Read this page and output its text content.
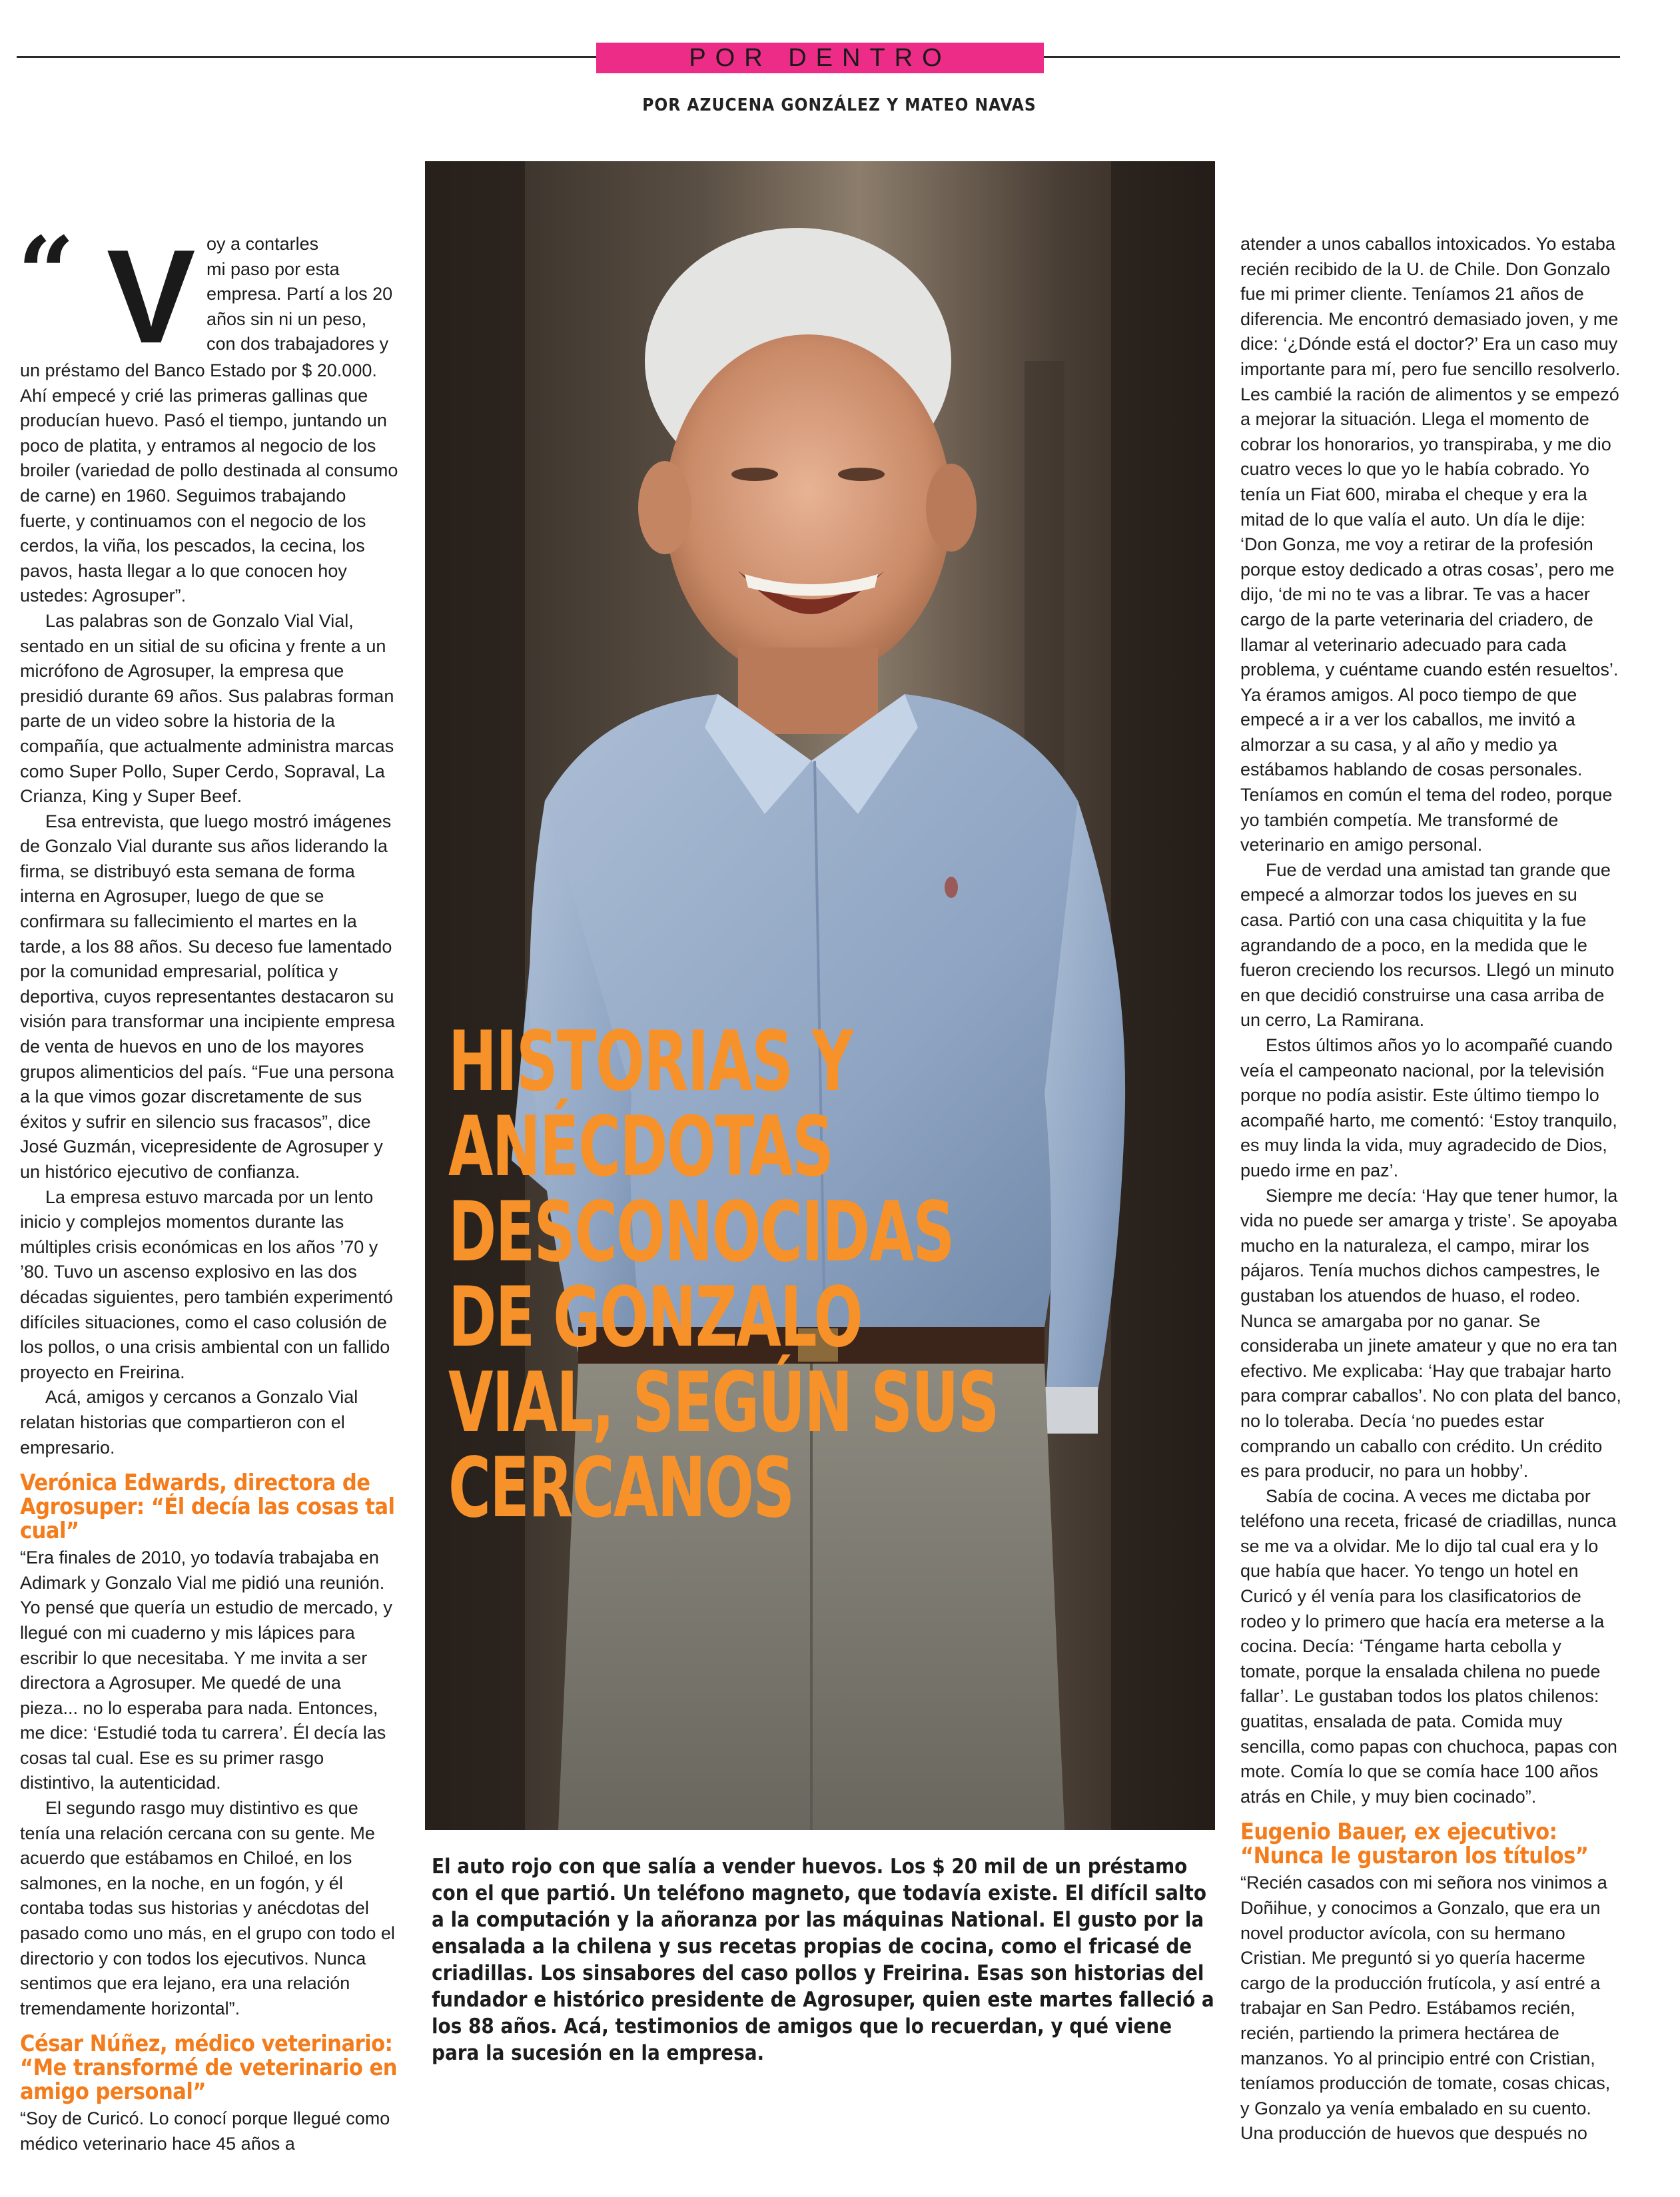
POR DENTRO
POR AZUCENA GONZÁLEZ Y MATEO NAVAS
“ V oy a contarles
mi paso por esta
empresa. Partí a los 20
años sin ni un peso,
con dos trabajadores y

un préstamo del Banco Estado por $ 20.000. Ahí empecé y crié las primeras gallinas que producían huevo. Pasó el tiempo, juntando un poco de platita, y entramos al negocio de los broiler (variedad de pollo destinada al consumo de carne) en 1960. Seguimos trabajando fuerte, y continuamos con el negocio de los cerdos, la viña, los pescados, la cecina, los pavos, hasta llegar a lo que conocen hoy ustedes: Agrosuper”.

Las palabras son de Gonzalo Vial Vial, sentado en un sitial de su oficina y frente a un micrófono de Agrosuper, la empresa que presidió durante 69 años. Sus palabras forman parte de un video sobre la historia de la compañía, que actualmente administra marcas como Super Pollo, Super Cerdo, Sopraval, La Crianza, King y Super Beef.

Esa entrevista, que luego mostró imágenes de Gonzalo Vial durante sus años liderando la firma, se distribuyó esta semana de forma interna en Agrosuper, luego de que se confirmara su fallecimiento el martes en la tarde, a los 88 años. Su deceso fue lamentado por la comunidad empresarial, política y deportiva, cuyos representantes destacaron su visión para transformar una incipiente empresa de venta de huevos en uno de los mayores grupos alimenticios del país. “Fue una persona a la que vimos gozar discretamente de sus éxitos y sufrir en silencio sus fracasos”, dice José Guzmán, vicepresidente de Agrosuper y un histórico ejecutivo de confianza.

La empresa estuvo marcada por un lento inicio y complejos momentos durante las múltiples crisis económicas en los años ’70 y ’80. Tuvo un ascenso explosivo en las dos décadas siguientes, pero también experimentó difíciles situaciones, como el caso colusión de los pollos, o una crisis ambiental con un fallido proyecto en Freirina.

Acá, amigos y cercanos a Gonzalo Vial relatan historias que compartieron con el empresario.

Verónica Edwards, directora de Agrosuper: “Él decía las cosas tal cual”

“Era finales de 2010, yo todavía trabajaba en Adimark y Gonzalo Vial me pidió una reunión. Yo pensé que quería un estudio de mercado, y llegué con mi cuaderno y mis lápices para escribir lo que necesitaba. Y me invita a ser directora a Agrosuper. Me quedé de una pieza... no lo esperaba para nada. Entonces, me dice: ‘Estudié toda tu carrera’. Él decía las cosas tal cual. Ese es su primer rasgo distintivo, la autenticidad.

El segundo rasgo muy distintivo es que tenía una relación cercana con su gente. Me acuerdo que estábamos en Chiloé, en los salmones, en la noche, en un fogón, y él contaba todas sus historias y anécdotas del pasado como uno más, en el grupo con todo el directorio y con todos los ejecutivos. Nunca sentimos que era lejano, era una relación tremendamente horizontal”.

César Núñez, médico veterinario: “Me transformé de veterinario en amigo personal”

“Soy de Curicó. Lo conocí porque llegué como médico veterinario hace 45 años a

HISTORIAS Y ANÉCDOTAS DESCONOCIDAS DE GONZALO VIAL, SEGÚN SUS CERCANOS
El auto rojo con que salía a vender huevos. Los $ 20 mil de un préstamo con el que partió. Un teléfono magneto, que todavía existe. El difícil salto a la computación y la añoranza por las máquinas National. El gusto por la ensalada a la chilena y sus recetas propias de cocina, como el fricasé de criadillas. Los sinsabores del caso pollos y Freirina. Esas son historias del fundador e histórico presidente de Agrosuper, quien este martes falleció a los 88 años. Acá, testimonios de amigos que lo recuerdan, y qué viene para la sucesión en la empresa.

atender a unos caballos intoxicados. Yo estaba recién recibido de la U. de Chile. Don Gonzalo fue mi primer cliente. Teníamos 21 años de diferencia. Me encontró demasiado joven, y me dice: ‘¿Dónde está el doctor?’ Era un caso muy importante para mí, pero fue sencillo resolverlo. Les cambié la ración de alimentos y se empezó a mejorar la situación. Llega el momento de cobrar los honorarios, yo transpiraba, y me dio cuatro veces lo que yo le había cobrado. Yo tenía un Fiat 600, miraba el cheque y era la mitad de lo que valía el auto. Un día le dije: ‘Don Gonza, me voy a retirar de la profesión porque estoy dedicado a otras cosas’, pero me dijo, ‘de mi no te vas a librar. Te vas a hacer cargo de la parte veterinaria del criadero, de llamar al veterinario adecuado para cada problema, y cuéntame cuando estén resueltos’. Ya éramos amigos. Al poco tiempo de que empecé a ir a ver los caballos, me invitó a almorzar a su casa, y al año y medio ya estábamos hablando de cosas personales. Teníamos en común el tema del rodeo, porque yo también competía. Me transformé de veterinario en amigo personal.

Fue de verdad una amistad tan grande que empecé a almorzar todos los jueves en su casa. Partió con una casa chiquitita y la fue agrandando de a poco, en la medida que le fueron creciendo los recursos. Llegó un minuto en que decidió construirse una casa arriba de un cerro, La Ramirana.

Estos últimos años yo lo acompañé cuando veía el campeonato nacional, por la televisión porque no podía asistir. Este último tiempo lo acompañé harto, me comentó: ‘Estoy tranquilo, es muy linda la vida, muy agradecido de Dios, puedo irme en paz’.

Siempre me decía: ‘Hay que tener humor, la vida no puede ser amarga y triste’. Se apoyaba mucho en la naturaleza, el campo, mirar los pájaros. Tenía muchos dichos campestres, le gustaban los atuendos de huaso, el rodeo. Nunca se amargaba por no ganar. Se consideraba un jinete amateur y que no era tan efectivo. Me explicaba: ‘Hay que trabajar harto para comprar caballos’. No con plata del banco, no lo toleraba. Decía ‘no puedes estar comprando un caballo con crédito. Un crédito es para producir, no para un hobby’.

Sabía de cocina. A veces me dictaba por teléfono una receta, fricasé de criadillas, nunca se me va a olvidar. Me lo dijo tal cual era y lo que había que hacer. Yo tengo un hotel en Curicó y él venía para los clasificatorios de rodeo y lo primero que hacía era meterse a la cocina. Decía: ‘Téngame harta cebolla y tomate, porque la ensalada chilena no puede fallar’. Le gustaban todos los platos chilenos: guatitas, ensalada de pata. Comida muy sencilla, como papas con chuchoca, papas con mote. Comía lo que se comía hace 100 años atrás en Chile, y muy bien cocinado”.

Eugenio Bauer, ex ejecutivo: “Nunca le gustaron los títulos”

“Recién casados con mi señora nos vinimos a Doñihue, y conocimos a Gonzalo, que era un novel productor avícola, con su hermano Cristian. Me preguntó si yo quería hacerme cargo de la producción frutícola, y así entré a trabajar en San Pedro. Estábamos recién, recién, partiendo la primera hectárea de manzanos. Yo al principio entré con Cristian, teníamos producción de tomate, cosas chicas, y Gonzalo ya venía embalado en su cuento. Una producción de huevos que después no
